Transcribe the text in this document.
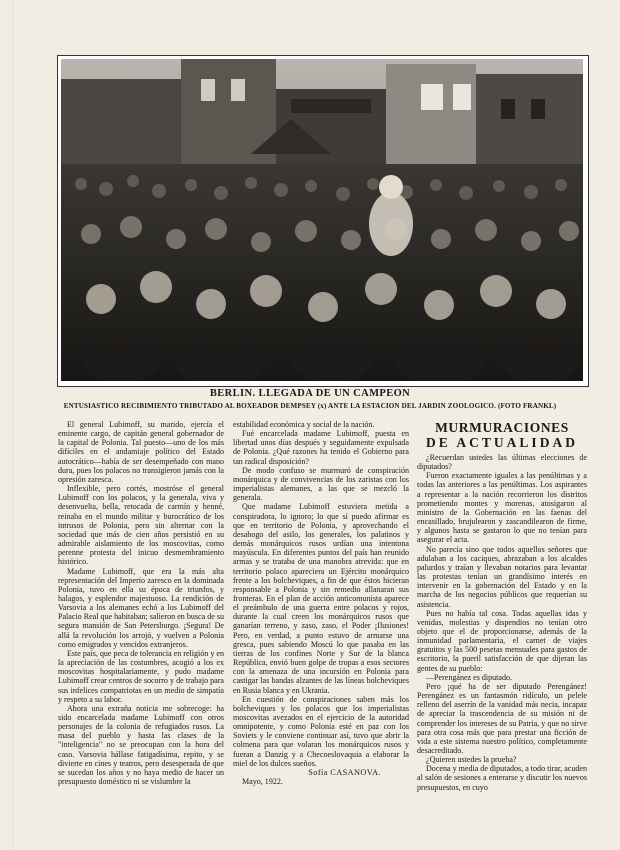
BERLIN. LLEGADA DE UN CAMPEON
ENTUSIASTICO RECIBIMIENTO TRIBUTADO AL BOXEADOR DEMPSEY (x) ANTE LA ESTACION DEL JARDIN ZOOLOGICO. (FOTO FRANKL)

El general Lubimoff, su marido, ejercía el eminente cargo, de capitán general gobernador de la capital de Polonia. Tal puesto—uno de los más difíciles en el andamiaje político del Estado autocrático—había de ser desempeñado con mano dura, pues los polacos no transigieron jamás con la opresión zaresca.

Inflexible, pero cortés, mostróse el general Lubimoff con los polacos, y la generala, viva y desenvuelta, bella, retocada de carmín y henné, reinaba en el mundo militar y burocrático de los intrusos de Polonia, pero sin alternar con la sociedad que más de cien años persistió en su admirable aislamiento de los moscovitas, como perenne protesta del inicuo desmembramiento histórico.

Madame Lubimoff, que era la más alta representación del Imperio zaresco en la dominada Polonia, tuvo en ella su época de triunfos, y halagos, y esplendor majestuoso. La rendición de Varsovia a los alemanes echó a los Lubimoff del Palacio Real que habitaban; salieron en busca de su segura mansión de San Petersburgo. ¡Segura! De allá la revolución los arrojó, y vuelven a Polonia como emigrados y vencidos extranjeros.

Este país, que peca de tolerancia en religión y en la apreciación de las costumbres, acogió a los ex moscovitas hospitalariamente, y pudo madame Lubimoff crear centros de socorro y de trabajo para sus infelices compatriotas en un medio de simpatía y respeto a su labor.

Ahora una extraña noticia me sobrecoge: ha sido encarcelada madame Lubimoff con otros personajes de la colonia de refugiados rusos. La masa del pueblo y hasta las clases de la "inteligencia" no se preocupan con la hora del caso. Varsovia hállase fatigadísima, repito, y se divierte en cines y teatros, pero desesperada de que se sucedan los años y no haya medio de hacer un presupuesto doméstico ni se vislumbre la

estabilidad económica y social de la nación.

Fué encarcelada madame Lubimoff, puesta en libertad unos días después y seguidamente expulsada de Polonia. ¿Qué razones ha tenido el Gobierno para tan radical disposición?

De modo confuso se murmuró de conspiración monárquica y de convivencias de los zaristas con los imperialistas alemanes, a las que se mezcló la generala.

Que madame Lubimoff estuviera metida a conspiradora, lo ignoro; lo que sí puedo afirmar es que en territorio de Polonia, y aprovechando el desahogo del asilo, los generales, los palatinos y demás monárquicos rusos urdían una intentona mayúscula. En diferentes puntos del país han reunido armas y se trataba de una manobra atrevida: que en territorio polaco apareciera un Ejército monárquico frente a los bolcheviques, a fin de que éstos hicieran responsable a Polonia y sin remedio allanaran sus fronteras. En el plan de acción anticomunista aparece el preámbulo de una guerra entre polacos y rojos, durante la cual creen los monárquicos rusos que ganarían terreno, y zaso, zaso, el Poder ¡Ilusiones! Pero, en verdad, a punto estuvo de armarse una gresca, pues sabiendo Moscú lo que pasaba en las tierras de los confines Norte y Sur de la blanca República, envió buen golpe de tropas a esos sectores con la amenaza de una incursión en Polonia para castigar las bandas alzantes de las líneas bolcheviques en Rusia blanca y en Ukrania.

En cuestión de conspiraciones saben más los bolcheviques y los polacos que los imperialistas moscovitas avezados en el ejercicio de la autoridad omnipotente, y como Polonia esté en paz con los Soviets y le conviene continuar así, tuvo que abrir la colmena para que volaran los monárquicos rusos y fueran a Danzig y a Checoeslovaquia a elaborar la miel de los dulces sueños.

Sofía CASANOVA.

Mayo, 1922.

MURMURACIONES
DE ACTUALIDAD

¿Recuerdan ustedes las últimas elecciones de diputados?

Fueron exactamente iguales a las penúltimas y a todas las anteriores a las penúltimas. Los aspirantes a representar a la nación recorrieron los distritos prometiendo montes y morenas, atosigaron al ministro de la Gobernación en las faenas del encasillado, brujulearon y zascandilearon de firme, y algunos hasta se gastaron lo que no tenían para asegurar el acta.

No parecía sino que todos aquellos señores que adulaban a los caciques, abrazaban a los alcaldes palurdos y traían y llevaban notarios para levantar las protestas tenían un grandísimo interés en intervenir en la gobernación del Estado y en la marcha de los negocios públicos que requerían su asistencia.

Pues no había tal cosa. Todas aquellas idas y venidas, molestias y dispendios no tenían otro objeto que el de proporcionarse, además de la inmunidad parlamentaria, el carnet de viajes gratuitos y las 500 pesetas mensuales para gastos de escritorio, la pueril satisfacción de que dijeran las gentes de su pueblo:

—Perengánez es diputado.

Pero ¡qué ha de ser diputado Perengánez! Perengánez es un fantasmón ridículo, un pelele relleno del aserrín de la vanidad más necia, incapaz de apreciar la trascendencia de su misión ni de comprender los intereses de su Patria, y que no sirve para otra cosa más que para prestar una ficción de vida a este sistema nuestro político, completamente desacreditado.

¿Quieren ustedes la prueba?

Docena y media de diputados, a todo tirar, acuden al salón de sesiones a enterarse y discutir los nuevos presupuestos, en cuyo
